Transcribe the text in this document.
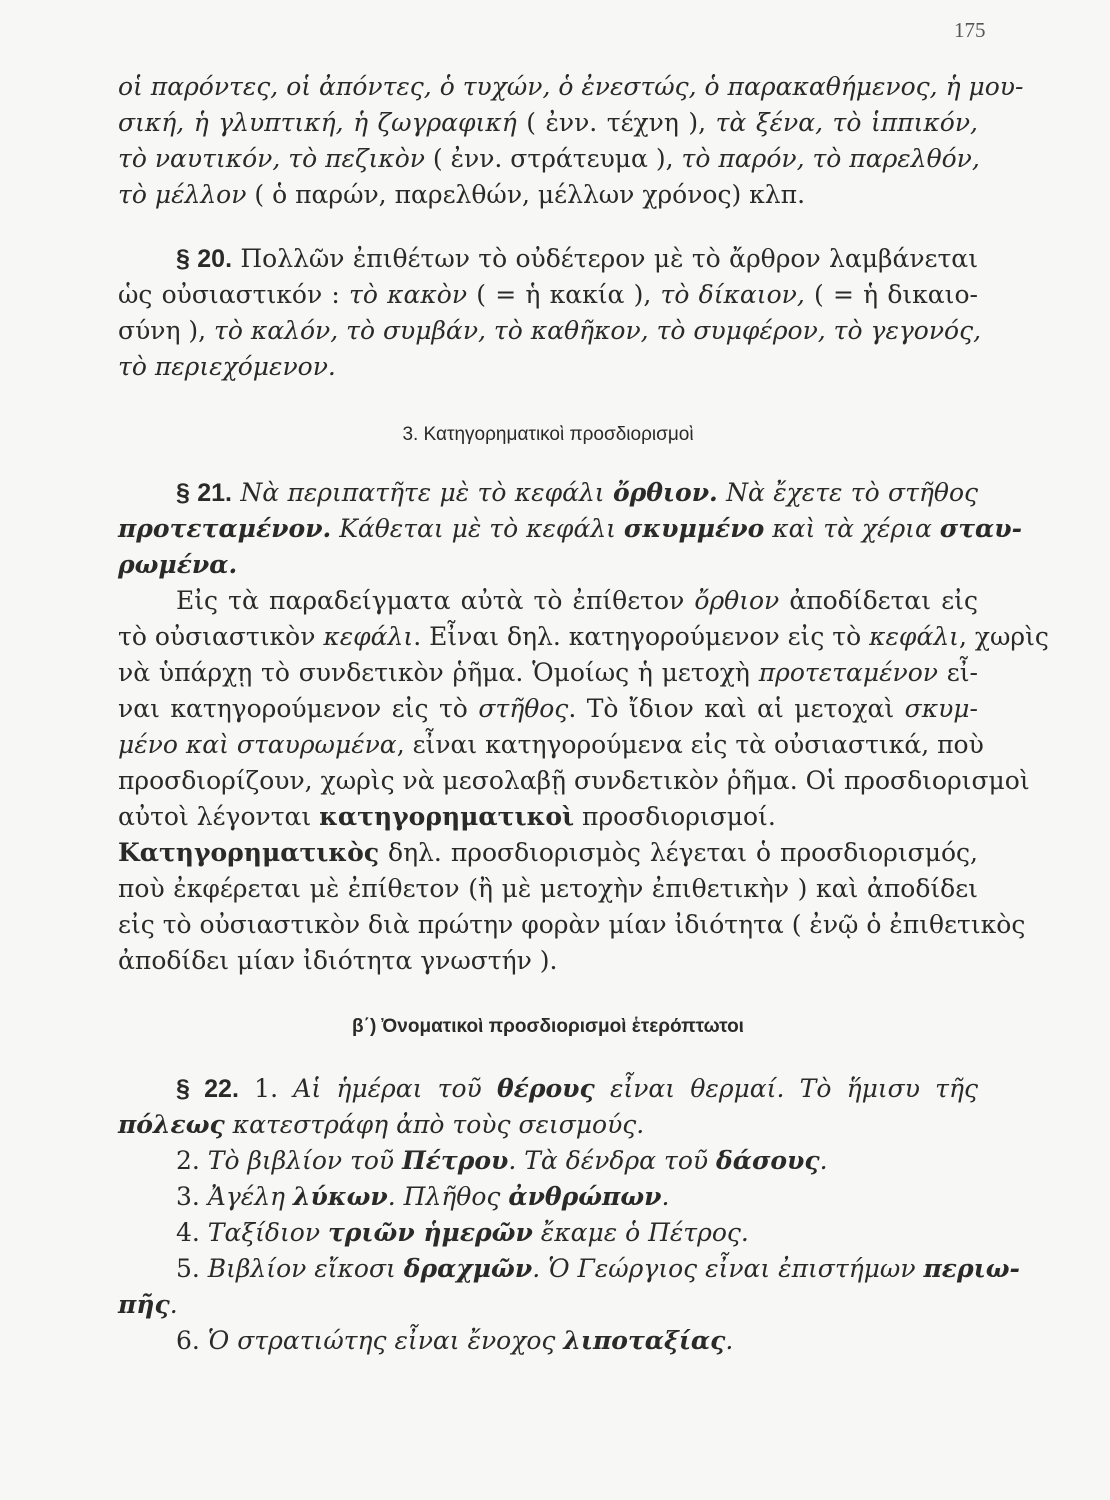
175
οἱ παρόντες, οἱ ἀπόντες, ὁ τυχών, ὁ ἐνεστώς, ὁ παρακαθήμενος, ἡ μου-
σική, ἡ γλυπτική, ἡ ζωγραφική ( ἐνν. τέχνη ), τὰ ξένα, τὸ ἱππικόν,
τὸ ναυτικόν, τὸ πεζικὸν ( ἐνν. στράτευμα ), τὸ παρόν, τὸ παρελθόν,
τὸ μέλλον ( ὁ παρών, παρελθών, μέλλων χρόνος) κλπ.
§ 20. Πολλῶν ἐπιθέτων τὸ οὐδέτερον μὲ τὸ ἄρθρον λαμβάνεται
ὡς οὐσιαστικόν : τὸ κακὸν ( = ἡ κακία ), τὸ δίκαιον, ( = ἡ δικαιο-
σύνη ), τὸ καλόν, τὸ συμβάν, τὸ καθῆκον, τὸ συμφέρον, τὸ γεγονός,
τὸ περιεχόμενον.
3. Κατηγορηματικοὶ προσδιορισμοὶ
§ 21. Νὰ περιπατῆτε μὲ τὸ κεφάλι ὄρθιον. Νὰ ἔχετε τὸ στῆθος
προτεταμένον. Κάθεται μὲ τὸ κεφάλι σκυμμένο καὶ τὰ χέρια σταυ-
ρωμένα.
Εἰς τὰ παραδείγματα αὐτὰ τὸ ἐπίθετον ὄρθιον ἀποδίδεται εἰς
τὸ οὐσιαστικὸν κεφάλι. Εἶναι δηλ. κατηγορούμενον εἰς τὸ κεφάλι, χωρὶς
νὰ ὑπάρχῃ τὸ συνδετικὸν ῥῆμα. Ὁμοίως ἡ μετοχὴ προτεταμένον εἶ-
ναι κατηγορούμενον εἰς τὸ στῆθος. Τὸ ἴδιον καὶ αἱ μετοχαὶ σκυμ-
μένο καὶ σταυρωμένα, εἶναι κατηγορούμενα εἰς τὰ οὐσιαστικά, ποὺ
προσδιορίζουν, χωρὶς νὰ μεσολαβῇ συνδετικὸν ῥῆμα. Οἱ προσδιορισμοὶ
αὐτοὶ λέγονται κατηγορηματικοὶ προσδιορισμοί.
Κατηγορηματικὸς δηλ. προσδιορισμὸς λέγεται ὁ προσδιορισμός,
ποὺ ἐκφέρεται μὲ ἐπίθετον (ἢ μὲ μετοχὴν ἐπιθετικὴν ) καὶ ἀποδίδει
εἰς τὸ οὐσιαστικὸν διὰ πρώτην φορὰν μίαν ἰδιότητα ( ἐνῷ ὁ ἐπιθετικὸς
ἀποδίδει μίαν ἰδιότητα γνωστήν ).
β΄) Ὀνοματικοὶ προσδιορισμοὶ ἑτερόπτωτοι
§ 22. 1. Αἱ ἡμέραι τοῦ θέρους εἶναι θερμαί. Τὸ ἥμισυ τῆς
πόλεως κατεστράφη ἀπὸ τοὺς σεισμούς.
2. Τὸ βιβλίον τοῦ Πέτρου. Τὰ δένδρα τοῦ δάσους.
3. Ἀγέλη λύκων. Πλῆθος ἀνθρώπων.
4. Ταξίδιον τριῶν ἡμερῶν ἔκαμε ὁ Πέτρος.
5. Βιβλίον εἴκοσι δραχμῶν. Ὁ Γεώργιος εἶναι ἐπιστήμων περιω-
πῆς.
6. Ὁ στρατιώτης εἶναι ἔνοχος λιποταξίας.
